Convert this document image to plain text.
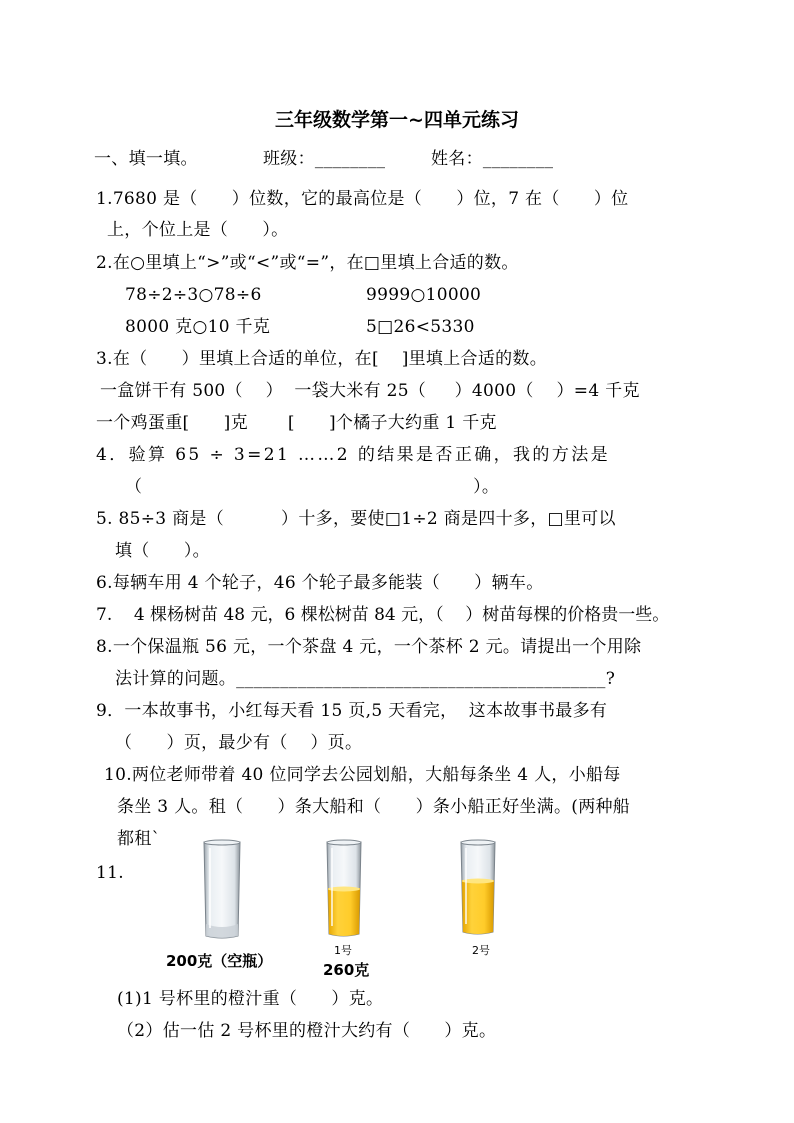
三年级数学第一~四单元练习
一、填一填。	班级：________	姓名：________
1.7680 是（      ）位数，它的最高位是（      ）位，7 在（      ）位
上，个位上是（      ）。
2.在○里填上“>”或“<”或“=”，在□里填上合适的数。
78÷2÷3○78÷6	9999○10000
8000 克○10 千克	5□26<5330
3.在（      ）里填上合适的单位，在[    ]里填上合适的数。
一盒饼干有 500（    ）  一袋大米有 25（     ）4000（    ）=4 千克
一个鸡蛋重[      ]克       [      ]个橘子大约重 1 千克
4．验算 65 ÷ 3=21 ……2 的结果是否正确，我的方法是
（                                                          ）。
5. 85÷3 商是（          ）十多，要使□1÷2 商是四十多，□里可以
填（      ）。
6.每辆车用 4 个轮子，46 个轮子最多能装（      ）辆车。
7.    4 棵杨树苗 48 元，6 棵松树苗 84 元，（    ）树苗每棵的价格贵一些。
8.一个保温瓶 56 元，一个茶盘 4 元，一个茶杯 2 元。请提出一个用除
法计算的问题。__________________________________________?
9．一本故事书，小红每天看 15 页,5 天看完，  这本故事书最多有
（      ）页，最少有（    ）页。
10.两位老师带着 40 位同学去公园划船，大船每条坐 4 人，小船每
条坐 3 人。租（      ）条大船和（      ）条小船正好坐满。(两种船
都租`
11.
200克（空瓶）
1号
260克
2号
(1)1 号杯里的橙汁重（      ）克。
（2）估一估 2 号杯里的橙汁大约有（      ）克。
